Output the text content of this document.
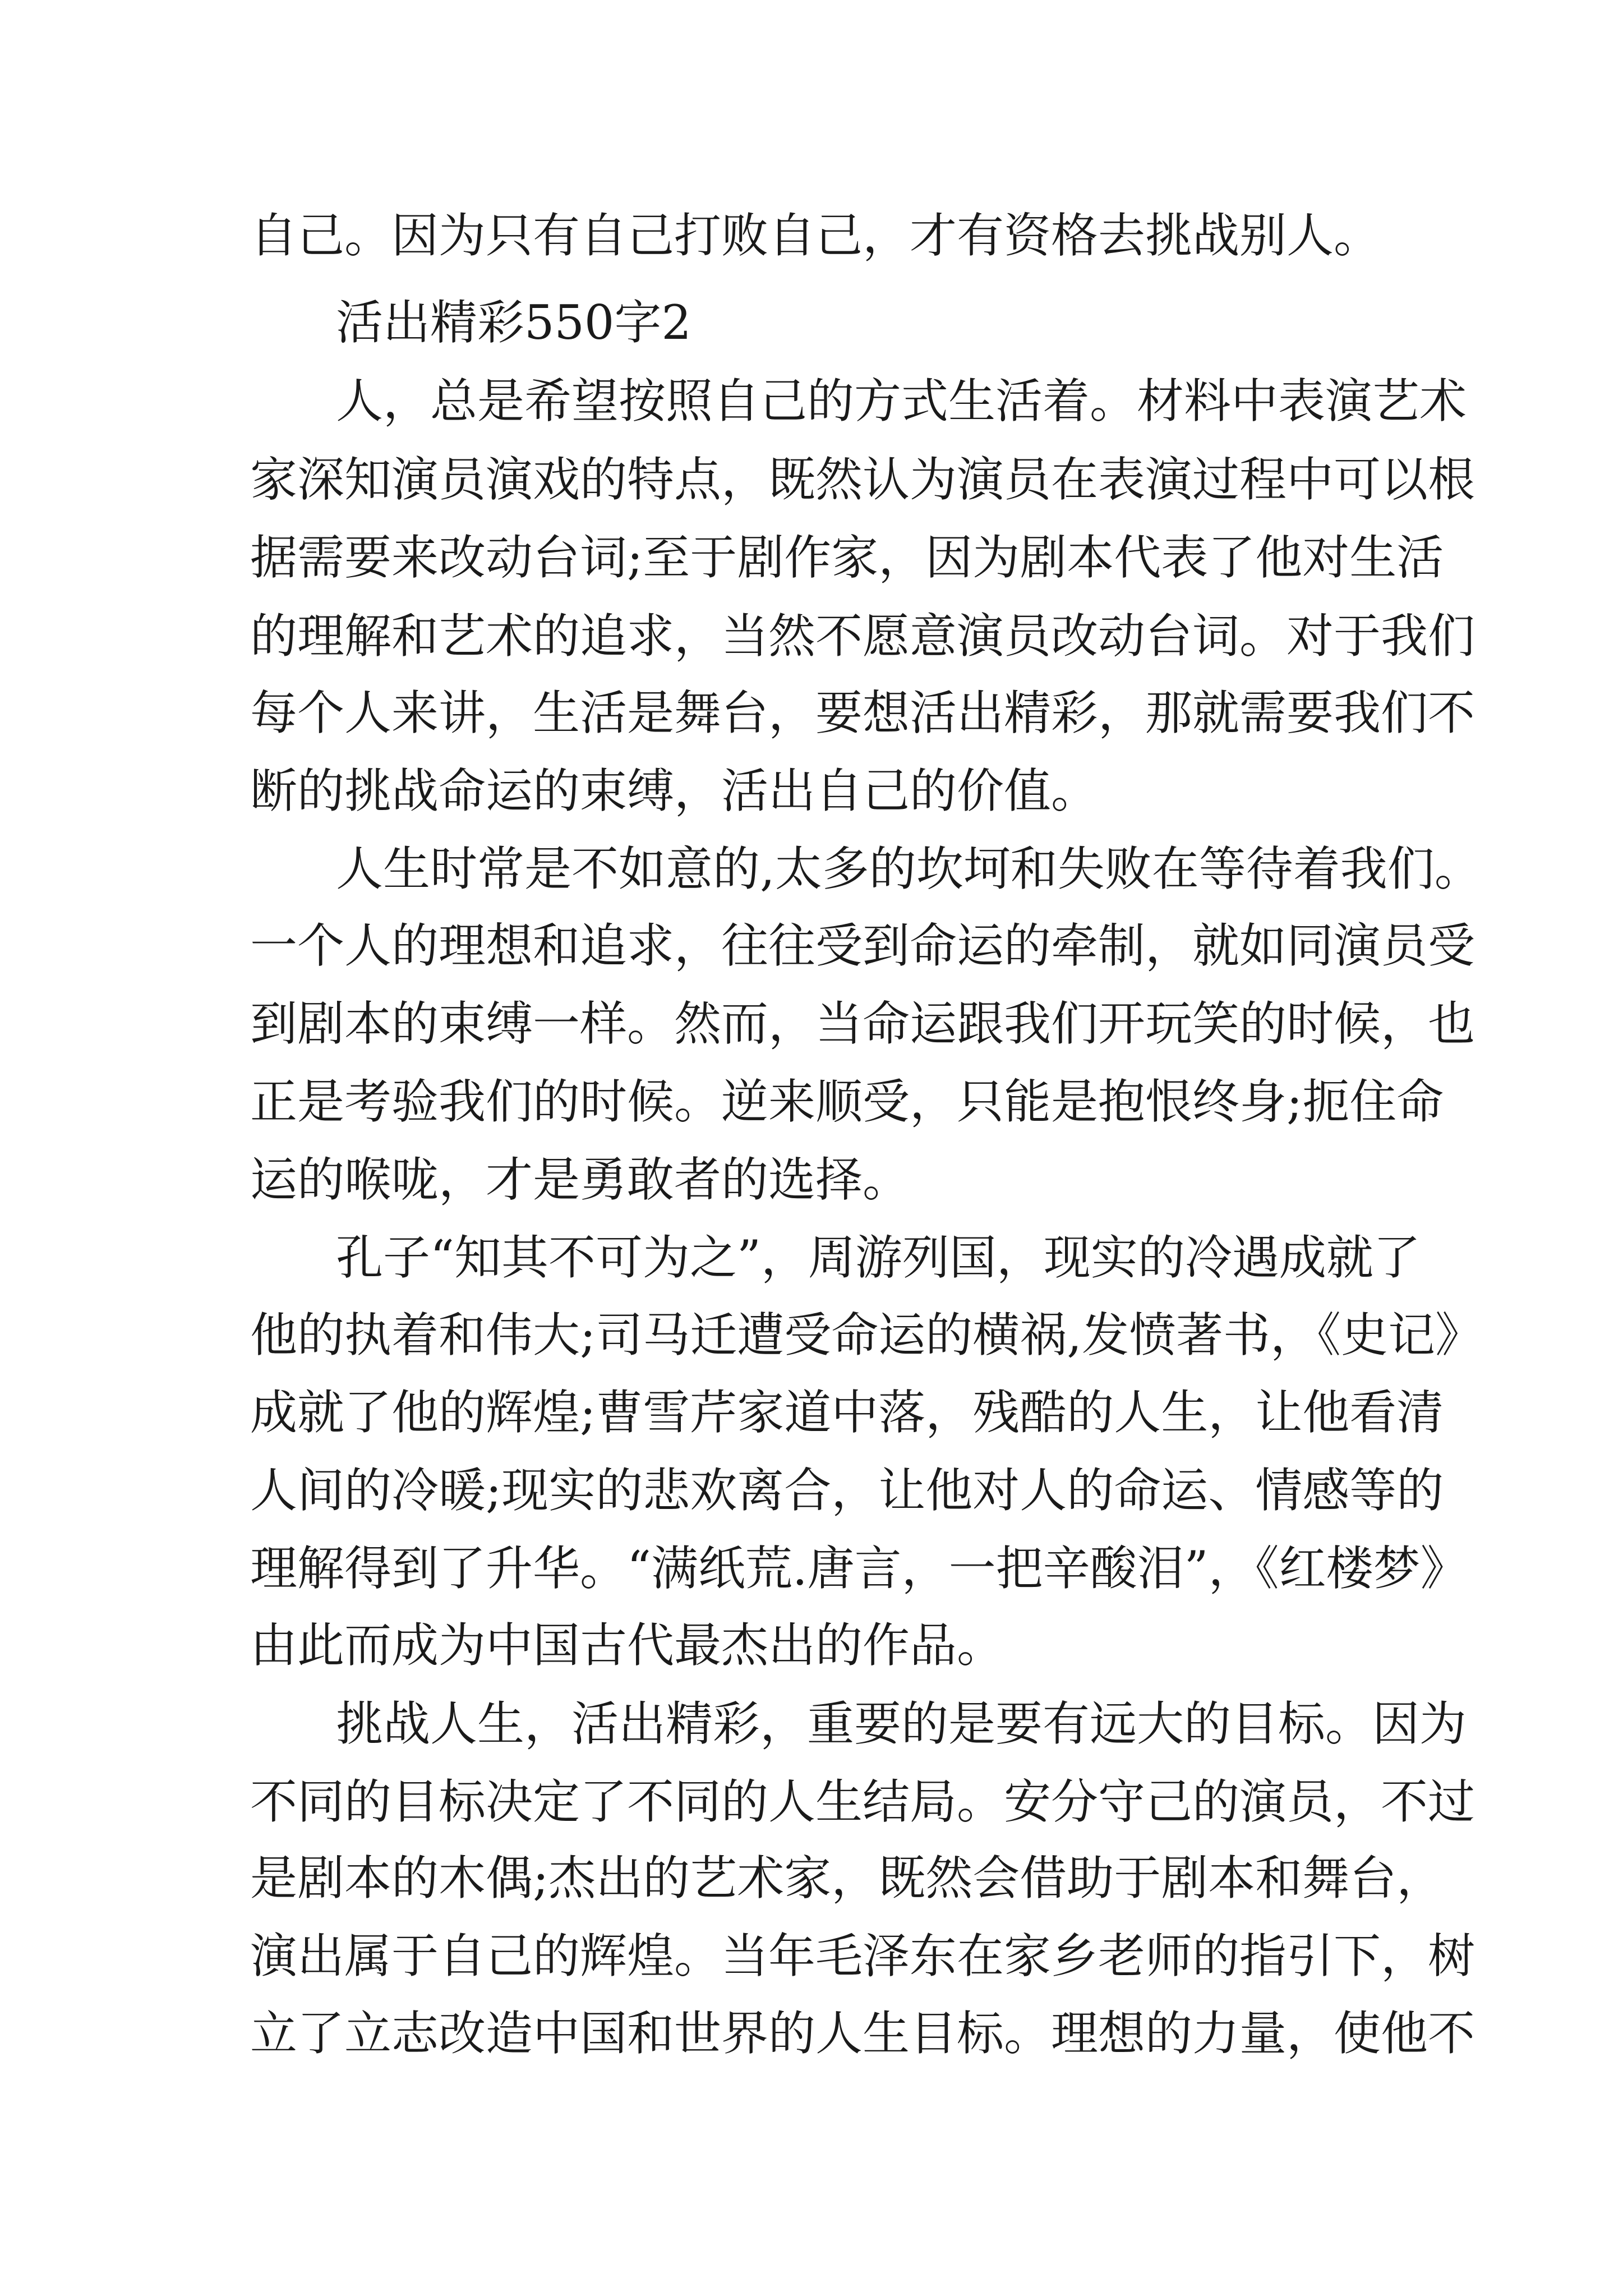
自己。因为只有自己打败自己，才有资格去挑战别人。
活出精彩550字2
人，总是希望按照自己的方式生活着。材料中表演艺术
家深知演员演戏的特点，既然认为演员在表演过程中可以根
据需要来改动台词;至于剧作家，因为剧本代表了他对生活
的理解和艺术的追求，当然不愿意演员改动台词。对于我们
每个人来讲，生活是舞台，要想活出精彩，那就需要我们不
断的挑战命运的束缚，活出自己的价值。
人生时常是不如意的,太多的坎坷和失败在等待着我们。
一个人的理想和追求，往往受到命运的牵制，就如同演员受
到剧本的束缚一样。然而，当命运跟我们开玩笑的时候，也
正是考验我们的时候。逆来顺受，只能是抱恨终身;扼住命
运的喉咙，才是勇敢者的选择。
孔子“知其不可为之”，周游列国，现实的冷遇成就了
他的执着和伟大;司马迁遭受命运的横祸,发愤著书，《史记》
成就了他的辉煌;曹雪芹家道中落，残酷的人生，让他看清
人间的冷暖;现实的悲欢离合，让他对人的命运、情感等的
理解得到了升华。“满纸荒.唐言，一把辛酸泪”，《红楼梦》
由此而成为中国古代最杰出的作品。
挑战人生，活出精彩，重要的是要有远大的目标。因为
不同的目标决定了不同的人生结局。安分守己的演员，不过
是剧本的木偶;杰出的艺术家，既然会借助于剧本和舞台，
演出属于自己的辉煌。当年毛泽东在家乡老师的指引下，树
立了立志改造中国和世界的人生目标。理想的力量，使他不
